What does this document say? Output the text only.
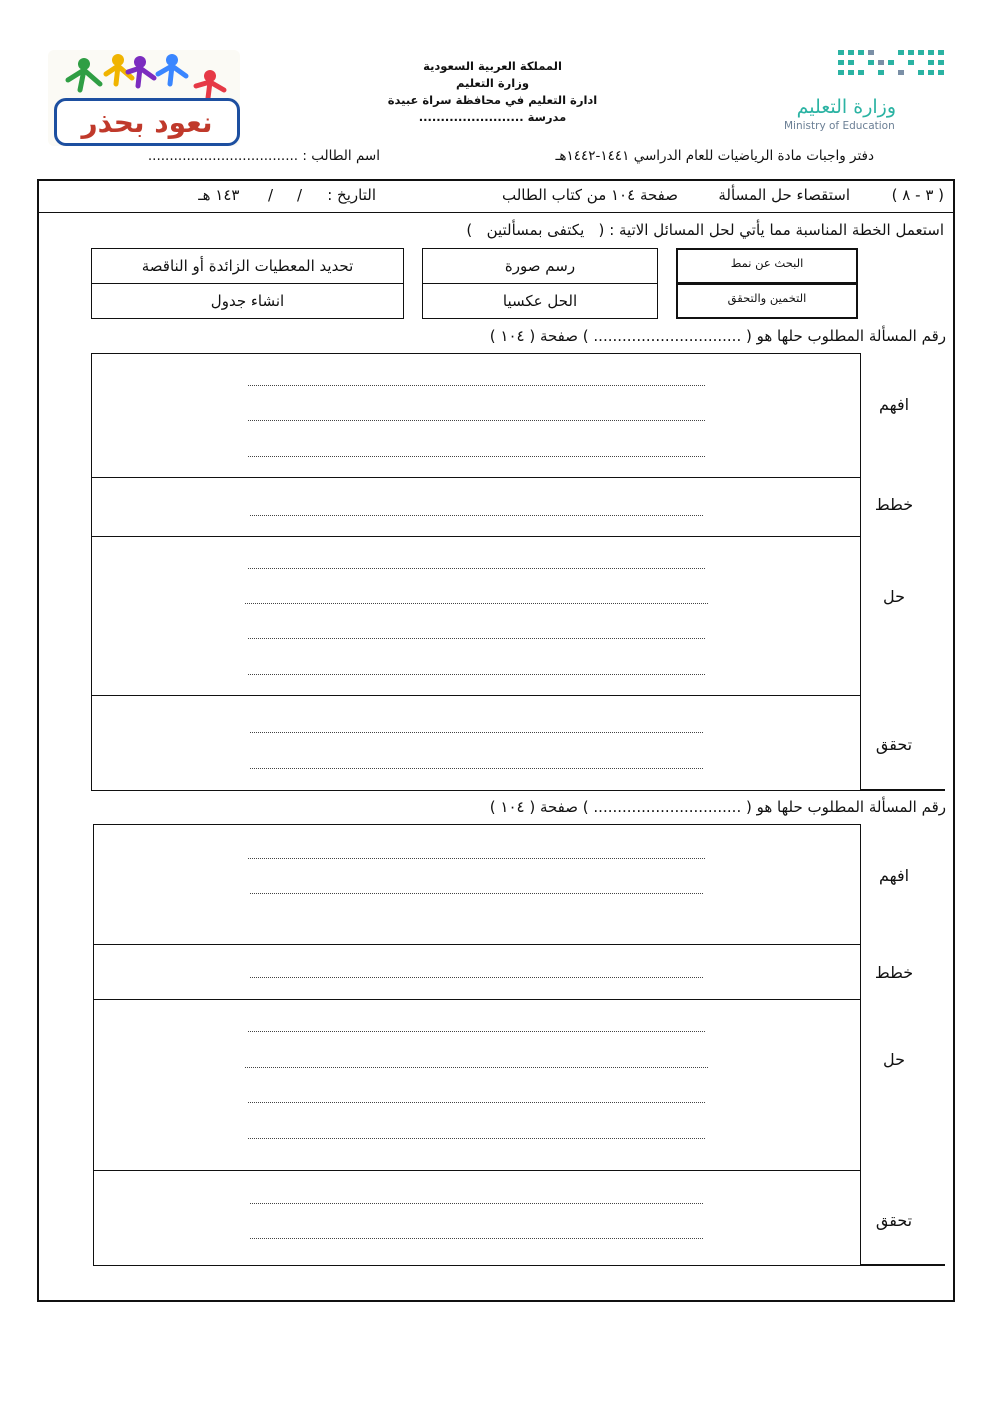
نعود بحذر
المملكة العربية السعودية
وزارة التعليم
ادارة التعليم في محافظة سراة عبيدة
مدرسة ........................	وزارة التعليم
Ministry of Education
دفتر واجبات مادة الرياضيات للعام الدراسي ١٤٤١-١٤٤٢هـ
اسم الطالب : ...................................
( ٣ - ٨ )
استقصاء حل المسألة
صفحة ١٠٤ من كتاب الطالب
التاريخ :
/     /      ١٤٣ هـ
استعمل الخطة المناسبة مما يأتي لحل المسائل الاتية : (   يكتفى بمسألتين   )
البحث عن نمط
التخمين والتحقق
رسم صورة
الحل عكسيا
تحديد المعطيات الزائدة أو الناقصة
انشاء جدول
رقم المسألة المطلوب حلها هو ( ............................... ) صفحة ( ١٠٤ )
افهم
خطط
حل
تحقق
رقم المسألة المطلوب حلها هو ( ............................... ) صفحة ( ١٠٤ )
افهم
خطط
حل
تحقق
